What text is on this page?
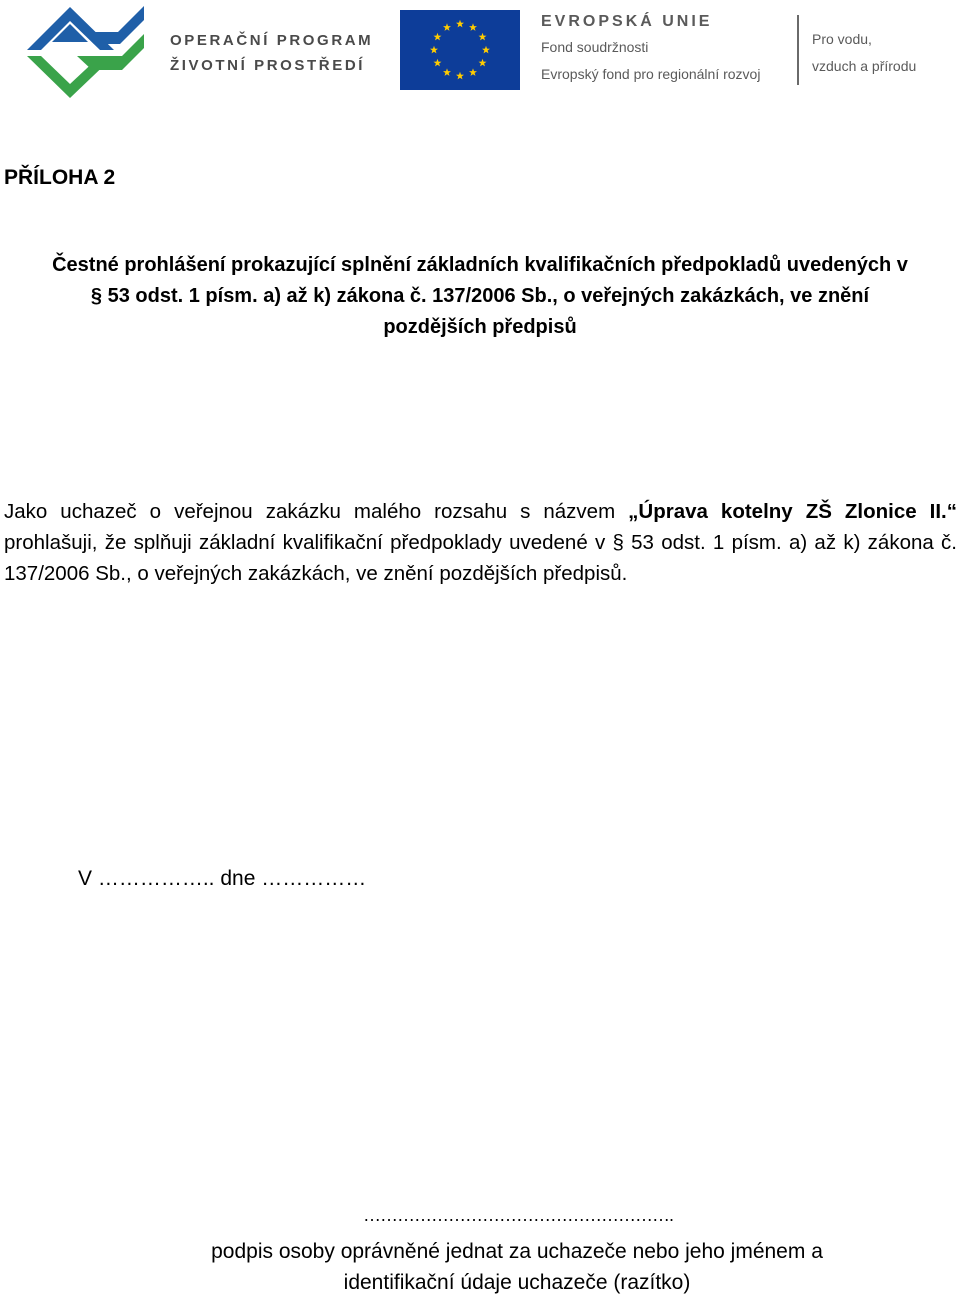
OPERAČNÍ PROGRAM
ŽIVOTNÍ PROSTŘEDÍ
EVROPSKÁ UNIE
Fond soudržnosti
Evropský fond pro regionální rozvoj
Pro vodu,
vzduch a přírodu
PŘÍLOHA 2
Čestné prohlášení prokazující splnění základních kvalifikačních předpokladů uvedených v
§ 53 odst. 1 písm. a) až k) zákona č. 137/2006 Sb., o veřejných zakázkách, ve znění
pozdějších předpisů
Jako uchazeč o veřejnou zakázku malého rozsahu s názvem „Úprava kotelny ZŠ Zlonice II.“ prohlašuji, že splňuji základní kvalifikační předpoklady uvedené v § 53 odst. 1 písm. a) až k) zákona č. 137/2006 Sb., o veřejných zakázkách, ve znění pozdějších předpisů.
V …………….. dne ……………
……………………………………………….
podpis osoby oprávněné jednat za uchazeče nebo jeho jménem a
identifikační údaje uchazeče (razítko)
